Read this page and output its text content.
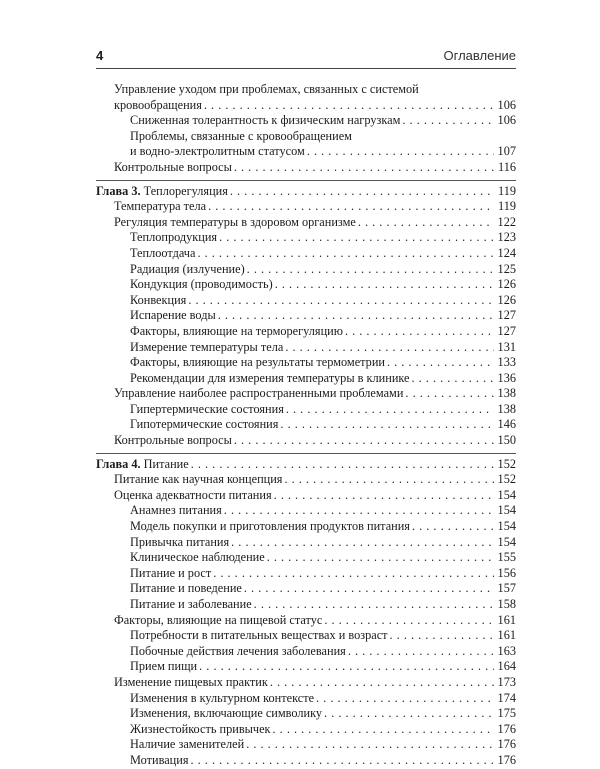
4	Оглавление
Управление уходом при проблемах, связанных с системой
кровообращения . . .	106
Сниженная толерантность к физическим нагрузкам . . .	106
Проблемы, связанные с кровообращением
и водно-электролитным статусом . . .	107
Контрольные вопросы . . .	116
Глава 3. Теплорегуляция . . .	119
Температура тела . . .	119
Регуляция температуры в здоровом организме . . .	122
Теплопродукция . . .	123
Теплоотдача . . .	124
Радиация (излучение) . . .	125
Кондукция (проводимость) . . .	126
Конвекция . . .	126
Испарение воды . . .	127
Факторы, влияющие на терморегуляцию . . .	127
Измерение температуры тела . . .	131
Факторы, влияющие на результаты термометрии . . .	133
Рекомендации для измерения температуры в клинике . . .	136
Управление наиболее распространенными проблемами . . .	138
Гипертермические состояния . . .	138
Гипотермические состояния . . .	146
Контрольные вопросы . . .	150
Глава 4. Питание . . .	152
Питание как научная концепция . . .	152
Оценка адекватности питания . . .	154
Анамнез питания . . .	154
Модель покупки и приготовления продуктов питания . . .	154
Привычка питания . . .	154
Клиническое наблюдение . . .	155
Питание и рост . . .	156
Питание и поведение . . .	157
Питание и заболевание . . .	158
Факторы, влияющие на пищевой статус . . .	161
Потребности в питательных веществах и возраст . . .	161
Побочные действия лечения заболевания . . .	163
Прием пищи . . .	164
Изменение пищевых практик . . .	173
Изменения в культурном контексте . . .	174
Изменения, включающие символику . . .	175
Жизнестойкость привычек . . .	176
Наличие заменителей . . .	176
Мотивация . . .	176
